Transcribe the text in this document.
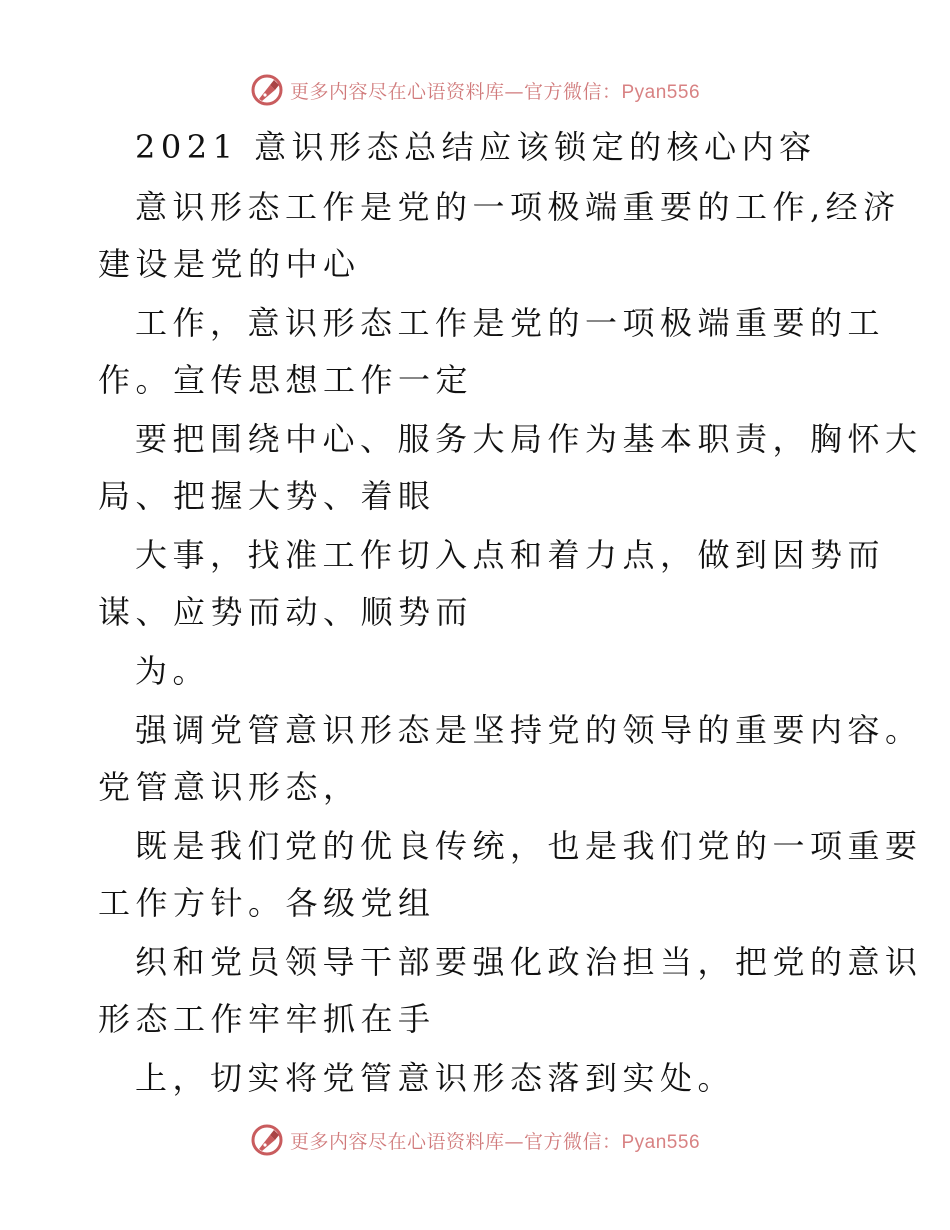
更多内容尽在心语资料库—官方微信：Pyan556
2021 意识形态总结应该锁定的核心内容
意识形态工作是党的一项极端重要的工作,经济
建设是党的中心
工作，意识形态工作是党的一项极端重要的工
作。宣传思想工作一定
要把围绕中心、服务大局作为基本职责，胸怀大
局、把握大势、着眼
大事，找准工作切入点和着力点，做到因势而
谋、应势而动、顺势而
为。
强调党管意识形态是坚持党的领导的重要内容。
党管意识形态，
既是我们党的优良传统，也是我们党的一项重要
工作方针。各级党组
织和党员领导干部要强化政治担当，把党的意识
形态工作牢牢抓在手
上，切实将党管意识形态落到实处。
更多内容尽在心语资料库—官方微信：Pyan556
